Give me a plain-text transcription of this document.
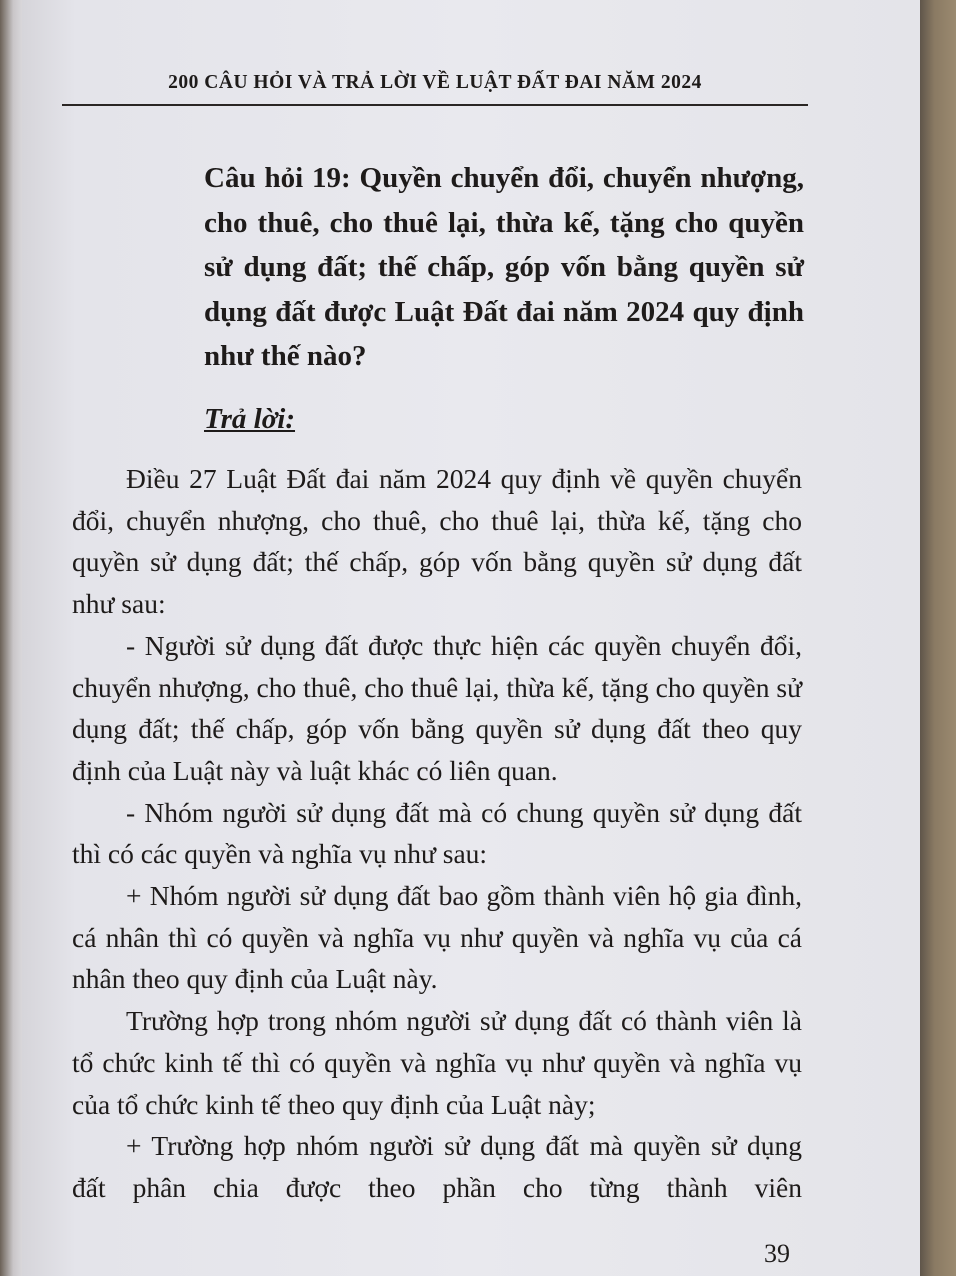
200 CÂU HỎI VÀ TRẢ LỜI VỀ LUẬT ĐẤT ĐAI NĂM 2024
Câu hỏi 19: Quyền chuyển đổi, chuyển nhượng, cho thuê, cho thuê lại, thừa kế, tặng cho quyền sử dụng đất; thế chấp, góp vốn bằng quyền sử dụng đất được Luật Đất đai năm 2024 quy định như thế nào?
Trả lời:

Điều 27 Luật Đất đai năm 2024 quy định về quyền chuyển đổi, chuyển nhượng, cho thuê, cho thuê lại, thừa kế, tặng cho quyền sử dụng đất; thế chấp, góp vốn bằng quyền sử dụng đất như sau:

- Người sử dụng đất được thực hiện các quyền chuyển đổi, chuyển nhượng, cho thuê, cho thuê lại, thừa kế, tặng cho quyền sử dụng đất; thế chấp, góp vốn bằng quyền sử dụng đất theo quy định của Luật này và luật khác có liên quan.

- Nhóm người sử dụng đất mà có chung quyền sử dụng đất thì có các quyền và nghĩa vụ như sau:

+ Nhóm người sử dụng đất bao gồm thành viên hộ gia đình, cá nhân thì có quyền và nghĩa vụ như quyền và nghĩa vụ của cá nhân theo quy định của Luật này.

Trường hợp trong nhóm người sử dụng đất có thành viên là tổ chức kinh tế thì có quyền và nghĩa vụ như quyền và nghĩa vụ của tổ chức kinh tế theo quy định của Luật này;

+ Trường hợp nhóm người sử dụng đất mà quyền sử dụng đất phân chia được theo phần cho từng thành viên

39
